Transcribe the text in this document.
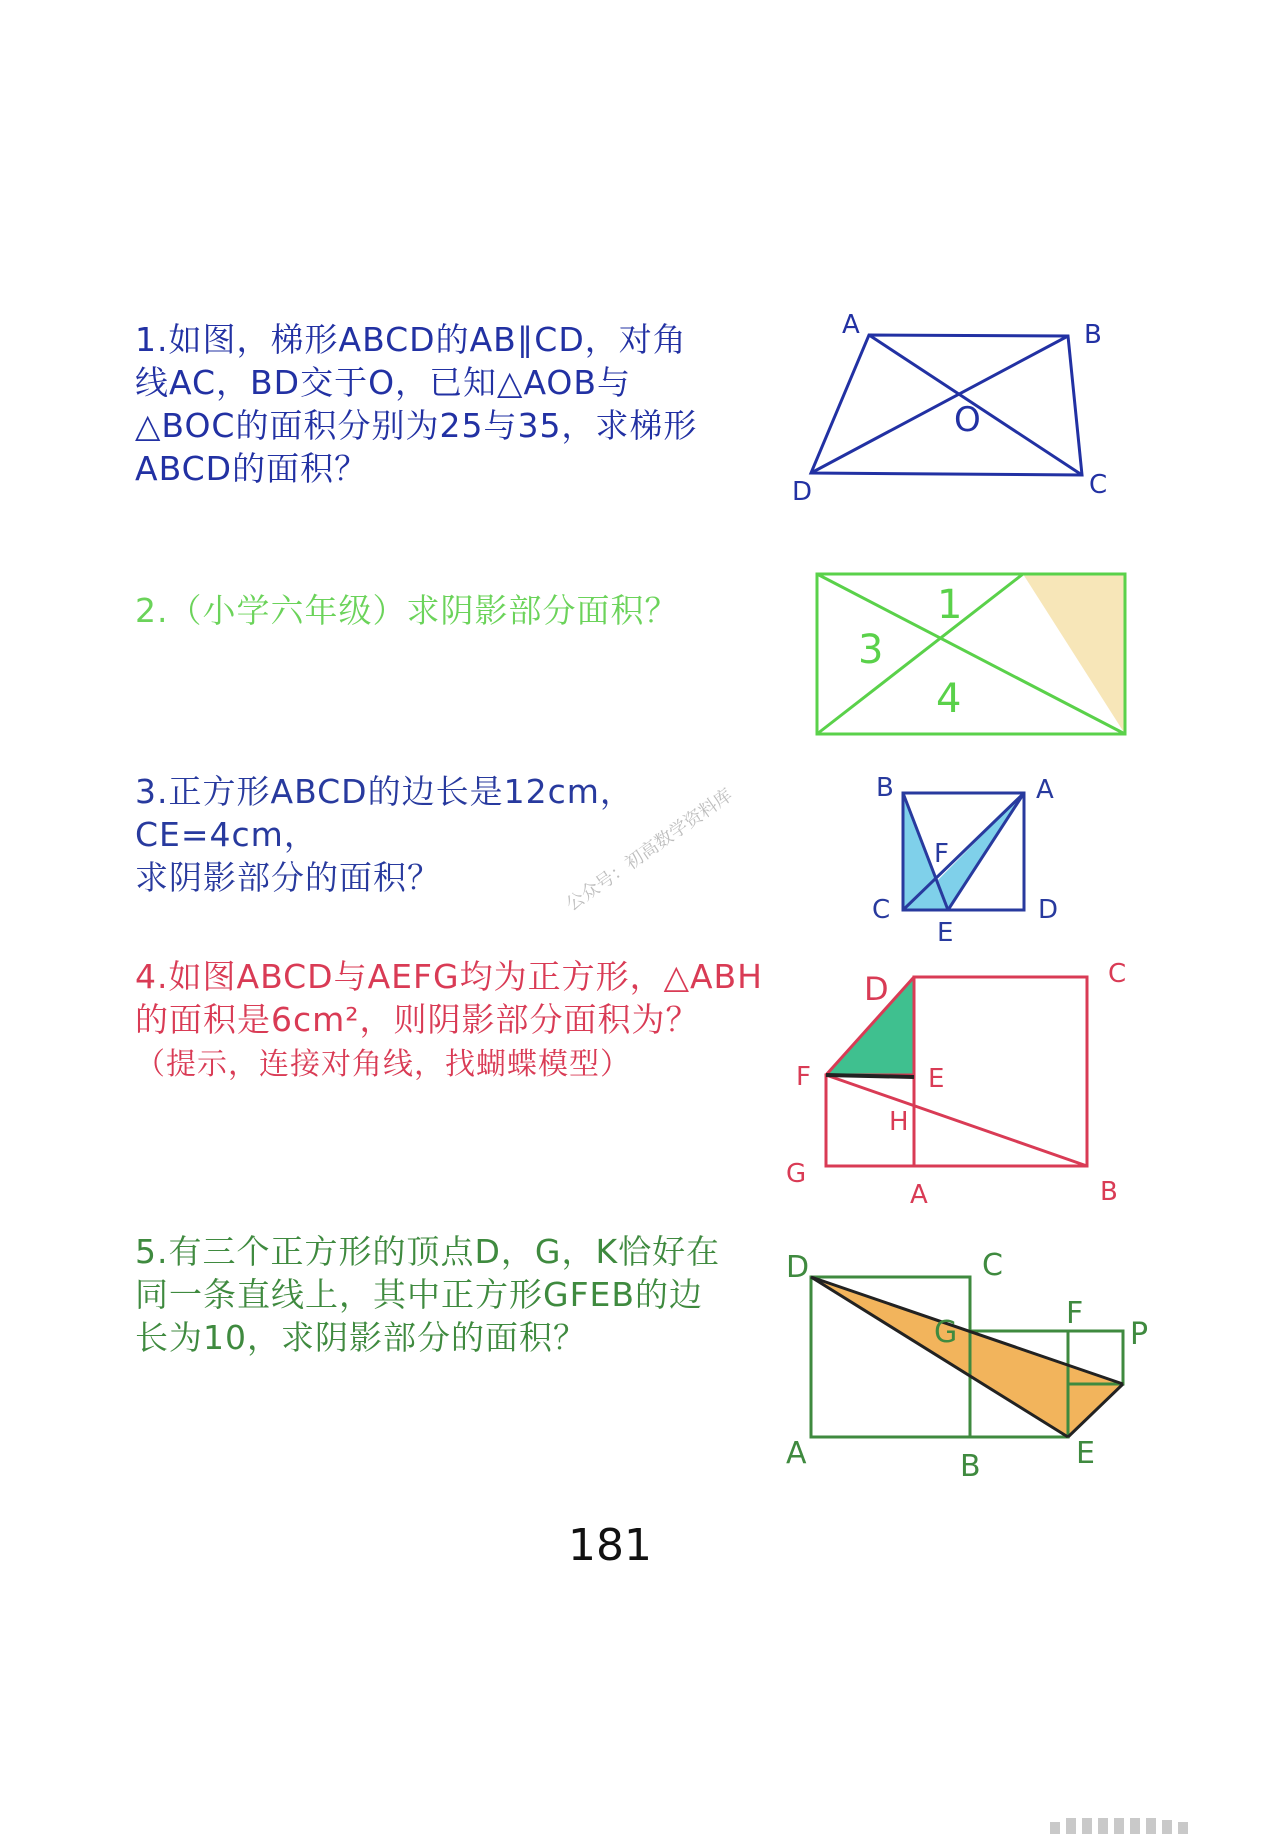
1.如图，梯形ABCD的AB∥CD，对角
线AC，BD交于O，已知△AOB与
△BOC的面积分别为25与35，求梯形
ABCD的面积？

2.（小学六年级）求阴影部分面积？

3.正方形ABCD的边长是12cm，CE=4cm，
求阴影部分的面积？

4.如图ABCD与AEFG均为正方形，△ABH
的面积是6cm²，则阴影部分面积为？
（提示，连接对角线，找蝴蝶模型）

5.有三个正方形的顶点D，G，K恰好在
同一条直线上，其中正方形GFEB的边
长为10，求阴影部分的面积？

A	B
C
D
O
1
3
4
A
B
C	D
E
F
A	B
C
D
E
F
G
H
A	B
C
D
E
F
G	P
公众号：初高数学资料库
181
